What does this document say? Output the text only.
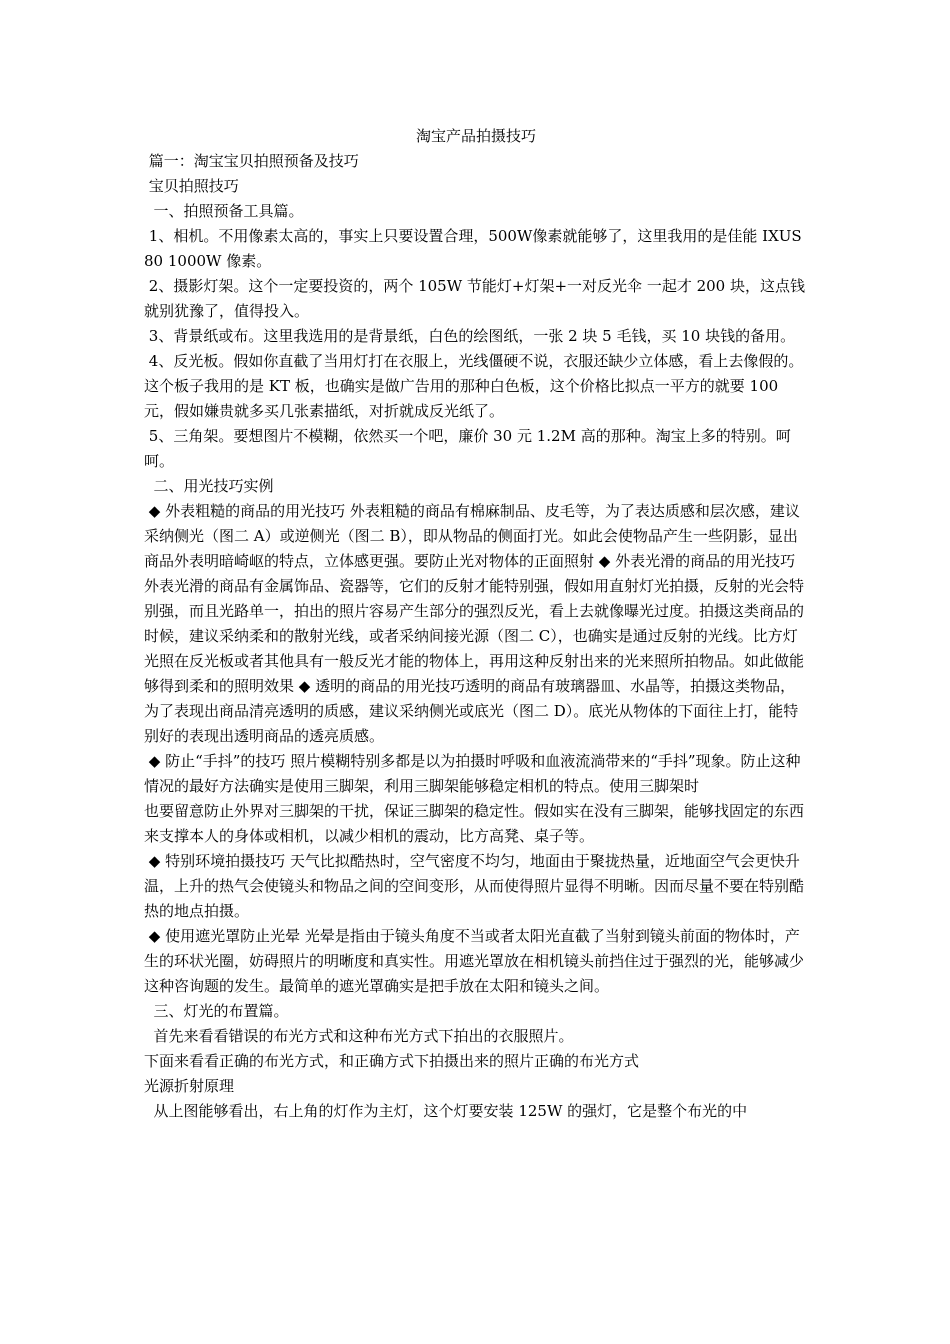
淘宝产品拍摄技巧
篇一：淘宝宝贝拍照预备及技巧
宝贝拍照技巧
一、拍照预备工具篇。
1、相机。不用像素太高的，事实上只要设置合理，500W像素就能够了，这里我用的是佳能 IXUS80 1000W 像素。
2、摄影灯架。这个一定要投资的，两个 105W 节能灯+灯架+一对反光伞 一起才 200 块，这点钱就别犹豫了，值得投入。
3、背景纸或布。这里我选用的是背景纸，白色的绘图纸，一张 2 块 5 毛钱，买 10 块钱的备用。
4、反光板。假如你直截了当用灯打在衣服上，光线僵硬不说，衣服还缺少立体感，看上去像假的。这个板子我用的是 KT 板，也确实是做广告用的那种白色板，这个价格比拟点一平方的就要 100 元，假如嫌贵就多买几张素描纸，对折就成反光纸了。
5、三角架。要想图片不模糊，依然买一个吧，廉价 30 元 1.2M 高的那种。淘宝上多的特别。呵呵。
二、用光技巧实例
◆ 外表粗糙的商品的用光技巧 外表粗糙的商品有棉麻制品、皮毛等，为了表达质感和层次感，建议采纳侧光（图二 A）或逆侧光（图二 B），即从物品的侧面打光。如此会使物品产生一些阴影，显出商品外表明暗崎岖的特点，立体感更强。要防止光对物体的正面照射 ◆ 外表光滑的商品的用光技巧外表光滑的商品有金属饰品、瓷器等，它们的反射才能特别强，假如用直射灯光拍摄，反射的光会特别强，而且光路单一，拍出的照片容易产生部分的强烈反光，看上去就像曝光过度。拍摄这类商品的时候，建议采纳柔和的散射光线，或者采纳间接光源（图二 C），也确实是通过反射的光线。比方灯光照在反光板或者其他具有一般反光才能的物体上，再用这种反射出来的光来照所拍物品。如此做能够得到柔和的照明效果 ◆ 透明的商品的用光技巧透明的商品有玻璃器皿、水晶等，拍摄这类物品，为了表现出商品清亮透明的质感，建议采纳侧光或底光（图二 D）。底光从物体的下面往上打，能特别好的表现出透明商品的透亮质感。
◆ 防止“手抖”的技巧 照片模糊特别多都是以为拍摄时呼吸和血液流淌带来的“手抖”现象。防止这种情况的最好方法确实是使用三脚架，利用三脚架能够稳定相机的特点。使用三脚架时
也要留意防止外界对三脚架的干扰，保证三脚架的稳定性。假如实在没有三脚架，能够找固定的东西来支撑本人的身体或相机，以减少相机的震动，比方高凳、桌子等。
◆ 特别环境拍摄技巧 天气比拟酷热时，空气密度不均匀，地面由于聚拢热量，近地面空气会更快升温，上升的热气会使镜头和物品之间的空间变形，从而使得照片显得不明晰。因而尽量不要在特别酷热的地点拍摄。
◆ 使用遮光罩防止光晕 光晕是指由于镜头角度不当或者太阳光直截了当射到镜头前面的物体时，产生的环状光圈，妨碍照片的明晰度和真实性。用遮光罩放在相机镜头前挡住过于强烈的光，能够减少这种咨询题的发生。最简单的遮光罩确实是把手放在太阳和镜头之间。
三、灯光的布置篇。
首先来看看错误的布光方式和这种布光方式下拍出的衣服照片。
下面来看看正确的布光方式，和正确方式下拍摄出来的照片正确的布光方式
光源折射原理
从上图能够看出，右上角的灯作为主灯，这个灯要安装 125W 的强灯，它是整个布光的中
